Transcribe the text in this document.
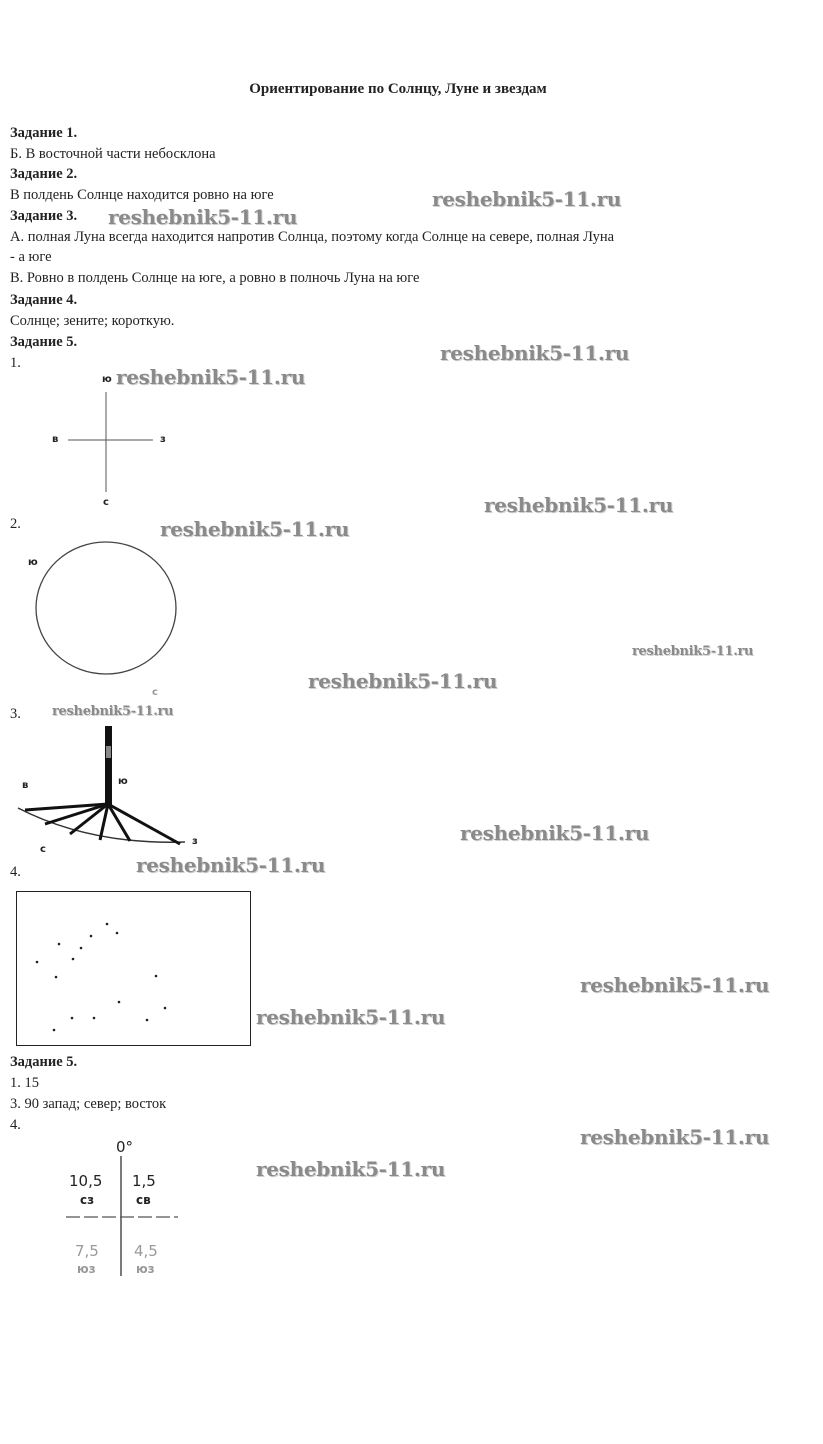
Ориентирование по Солнцу, Луне и звездам
Задание 1.
Б. В восточной части небосклона
Задание 2.
В полдень Солнце находится ровно на юге
Задание 3.
А. полная Луна всегда находится напротив Солнца, поэтому когда Солнце на севере, полная Луна
- а юге
В. Ровно в полдень Солнце на юге, а ровно в полночь Луна на юге
Задание 4.
Солнце; зените; короткую.
Задание 5.
1.
ю
в	з
с
2.
ю
с
3.
в	ю
с
з
4.
Задание 5.
1. 15
3. 90 запад; север; восток
4.
0°
10,5
сз
1,5
св
7,5
юз
4,5
юз
reshebnik5-11.ru
reshebnik5-11.ru
reshebnik5-11.ru
reshebnik5-11.ru
reshebnik5-11.ru
reshebnik5-11.ru
reshebnik5-11.ru
reshebnik5-11.ru
reshebnik5-11.ru
reshebnik5-11.ru
reshebnik5-11.ru
reshebnik5-11.ru
reshebnik5-11.ru
reshebnik5-11.ru
reshebnik5-11.ru
